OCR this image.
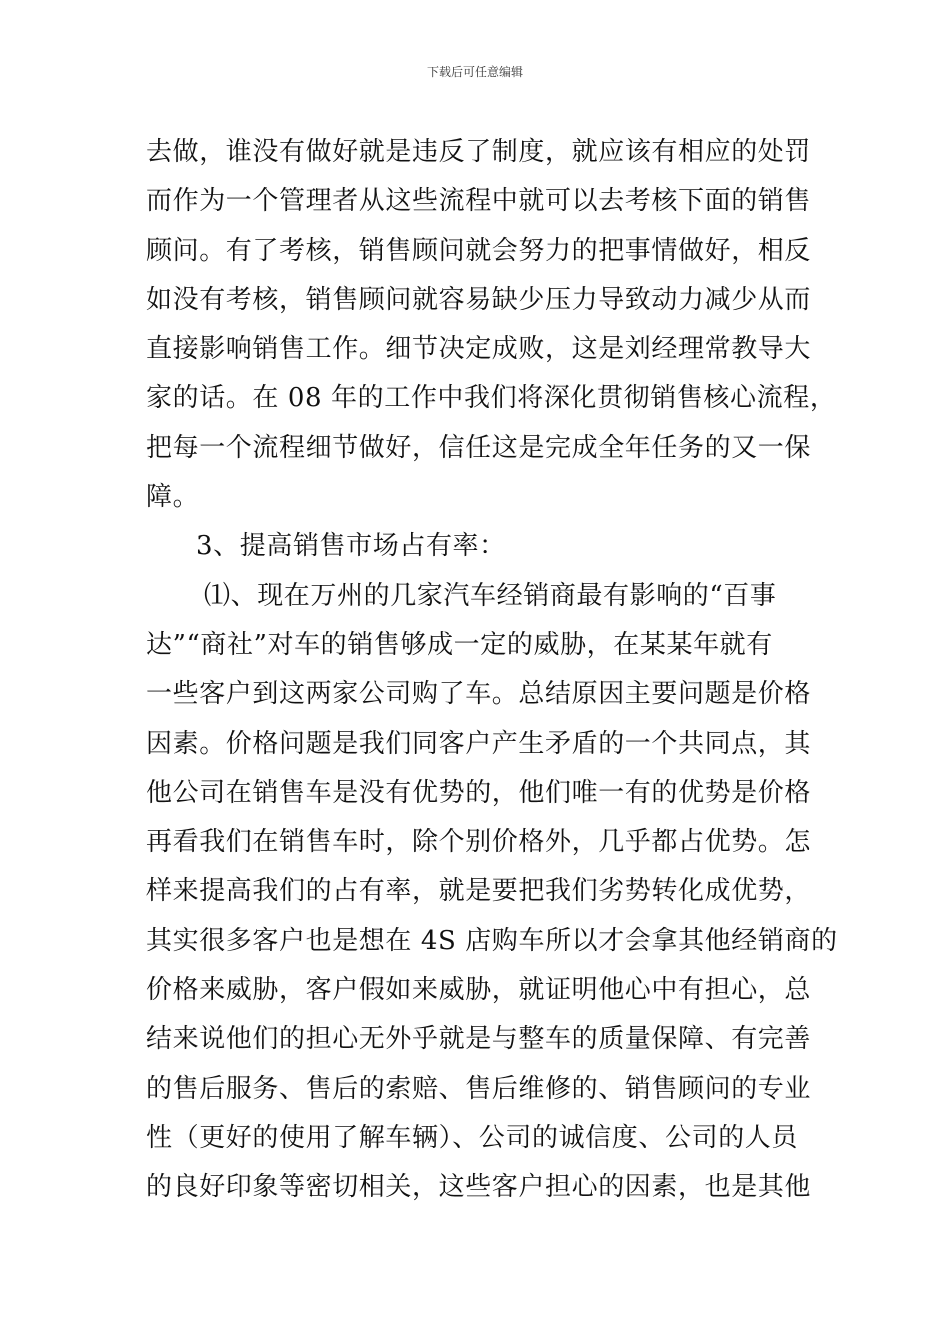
下载后可任意编辑
去做，谁没有做好就是违反了制度，就应该有相应的处罚
而作为一个管理者从这些流程中就可以去考核下面的销售
顾问。有了考核，销售顾问就会努力的把事情做好，相反
如没有考核，销售顾问就容易缺少压力导致动力减少从而
直接影响销售工作。细节决定成败，这是刘经理常教导大
家的话。在 08 年的工作中我们将深化贯彻销售核心流程，
把每一个流程细节做好，信任这是完成全年任务的又一保
障。
3、提高销售市场占有率：
⑴、现在万州的几家汽车经销商最有影响的“百事
达”“商社”对车的销售够成一定的威胁，在某某年就有
一些客户到这两家公司购了车。总结原因主要问题是价格
因素。价格问题是我们同客户产生矛盾的一个共同点，其
他公司在销售车是没有优势的，他们唯一有的优势是价格
再看我们在销售车时，除个别价格外，几乎都占优势。怎
样来提高我们的占有率，就是要把我们劣势转化成优势，
其实很多客户也是想在 4S 店购车所以才会拿其他经销商的
价格来威胁，客户假如来威胁，就证明他心中有担心，总
结来说他们的担心无外乎就是与整车的质量保障、有完善
的售后服务、售后的索赔、售后维修的、销售顾问的专业
性（更好的使用了解车辆）、公司的诚信度、公司的人员
的良好印象等密切相关，这些客户担心的因素，也是其他
